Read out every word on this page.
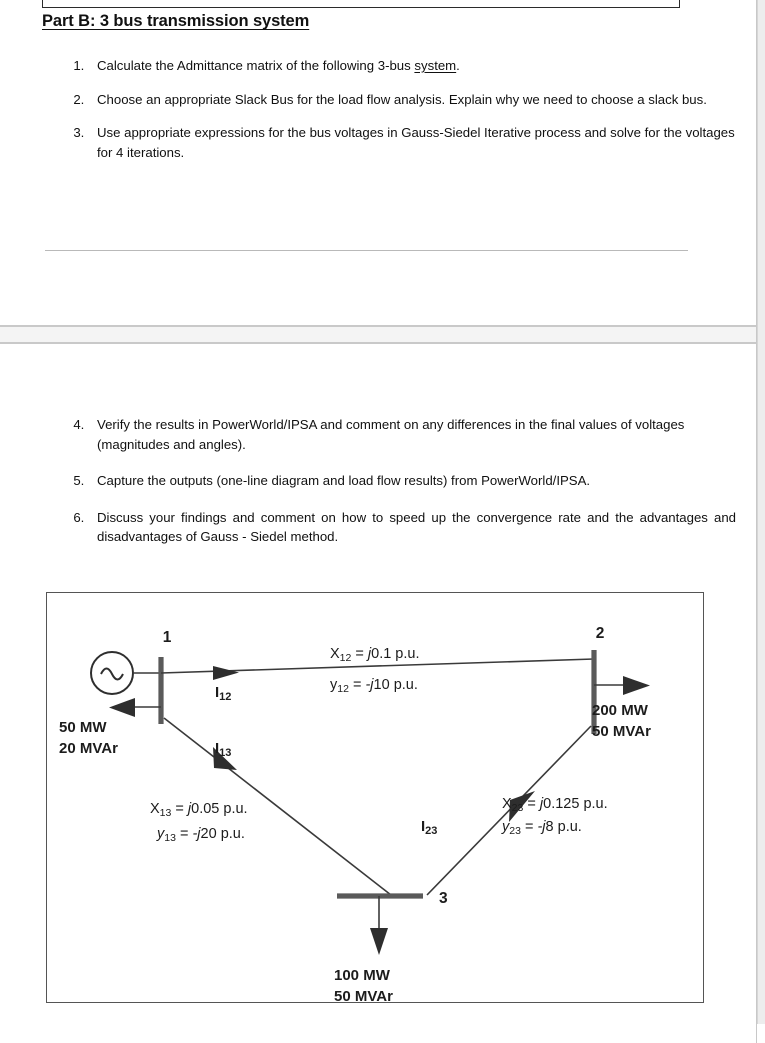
Part B: 3 bus transmission system
1. Calculate the Admittance matrix of the following 3-bus system.
2. Choose an appropriate Slack Bus for the load flow analysis. Explain why we need to choose a slack bus.
3. Use appropriate expressions for the bus voltages in Gauss-Siedel Iterative process and solve for the voltages for 4 iterations.
4. Verify the results in PowerWorld/IPSA and comment on any differences in the final values of voltages (magnitudes and angles).
5. Capture the outputs (one-line diagram and load flow results) from PowerWorld/IPSA.
6. Discuss your findings and comment on how to speed up the convergence rate and the advantages and disadvantages of Gauss - Siedel method.
1
$I_{12}$
$X_{12} = j0.1$ p.u.
$y_{12} = -j10$ p.u.
50 MW
20 MVAr
2
200 MW
50 MVAr
$I_{13}$
$X_{13} = j0.05$ p.u.
$y_{13} = -j20$ p.u.	$I_{23}$
$X_{23} = j0.125$ p.u.
$y_{23} = -j8$ p.u.
3
100 MW
50 MVAr
